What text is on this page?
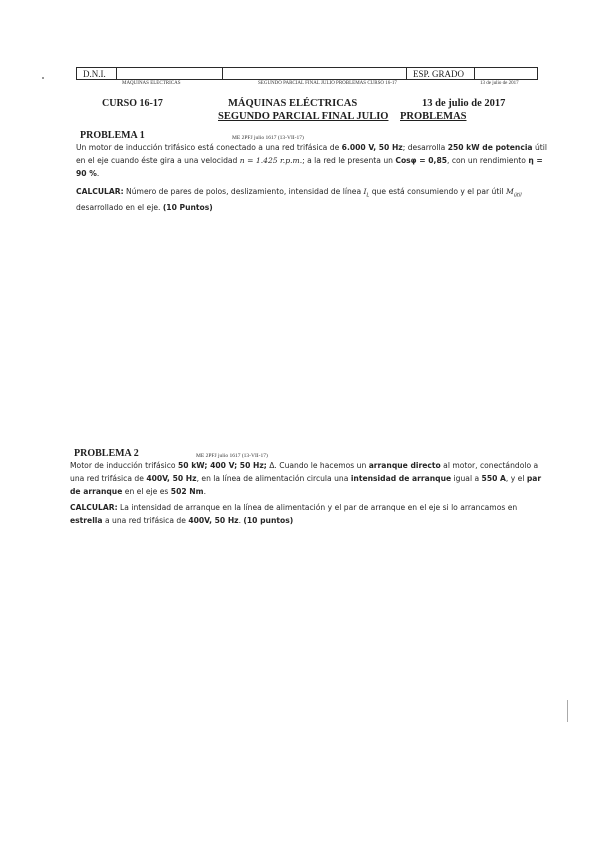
D.N.I.	ESP. GRADO
MÁQUINAS ELÉCTRICAS	SEGUNDO PARCIAL FINAL JULIO PROBLEMAS CURSO 16-17	13 de julio de 2017
CURSO 16-17	MÁQUINAS ELÉCTRICAS
SEGUNDO PARCIAL FINAL JULIO
13 de julio de 2017
PROBLEMAS
PROBLEMA 1	ME 2PFJ julio 1617 (13-VII-17)
Un motor de inducción trifásico está conectado a una red trifásica de 6.000 V, 50 Hz; desarrolla 250 kW de potencia útil en el eje cuando éste gira a una velocidad n = 1.425 r.p.m.; a la red le presenta un Cosφ = 0,85, con un rendimiento η = 90 %.
CALCULAR: Número de pares de polos, deslizamiento, intensidad de línea $I_L$ que está consumiendo y el par útil $M_{útil}$ desarrollado en el eje. (10 Puntos)
PROBLEMA 2	ME 2PFJ julio 1617 (13-VII-17)
Motor de inducción trifásico 50 kW; 400 V; 50 Hz; Δ. Cuando le hacemos un arranque directo al motor, conectándolo a una red trifásica de 400V, 50 Hz, en la línea de alimentación circula una intensidad de arranque igual a 550 A, y el par de arranque en el eje es 502 Nm.
CALCULAR: La intensidad de arranque en la línea de alimentación y el par de arranque en el eje si lo arrancamos en estrella a una red trifásica de 400V, 50 Hz. (10 puntos)
